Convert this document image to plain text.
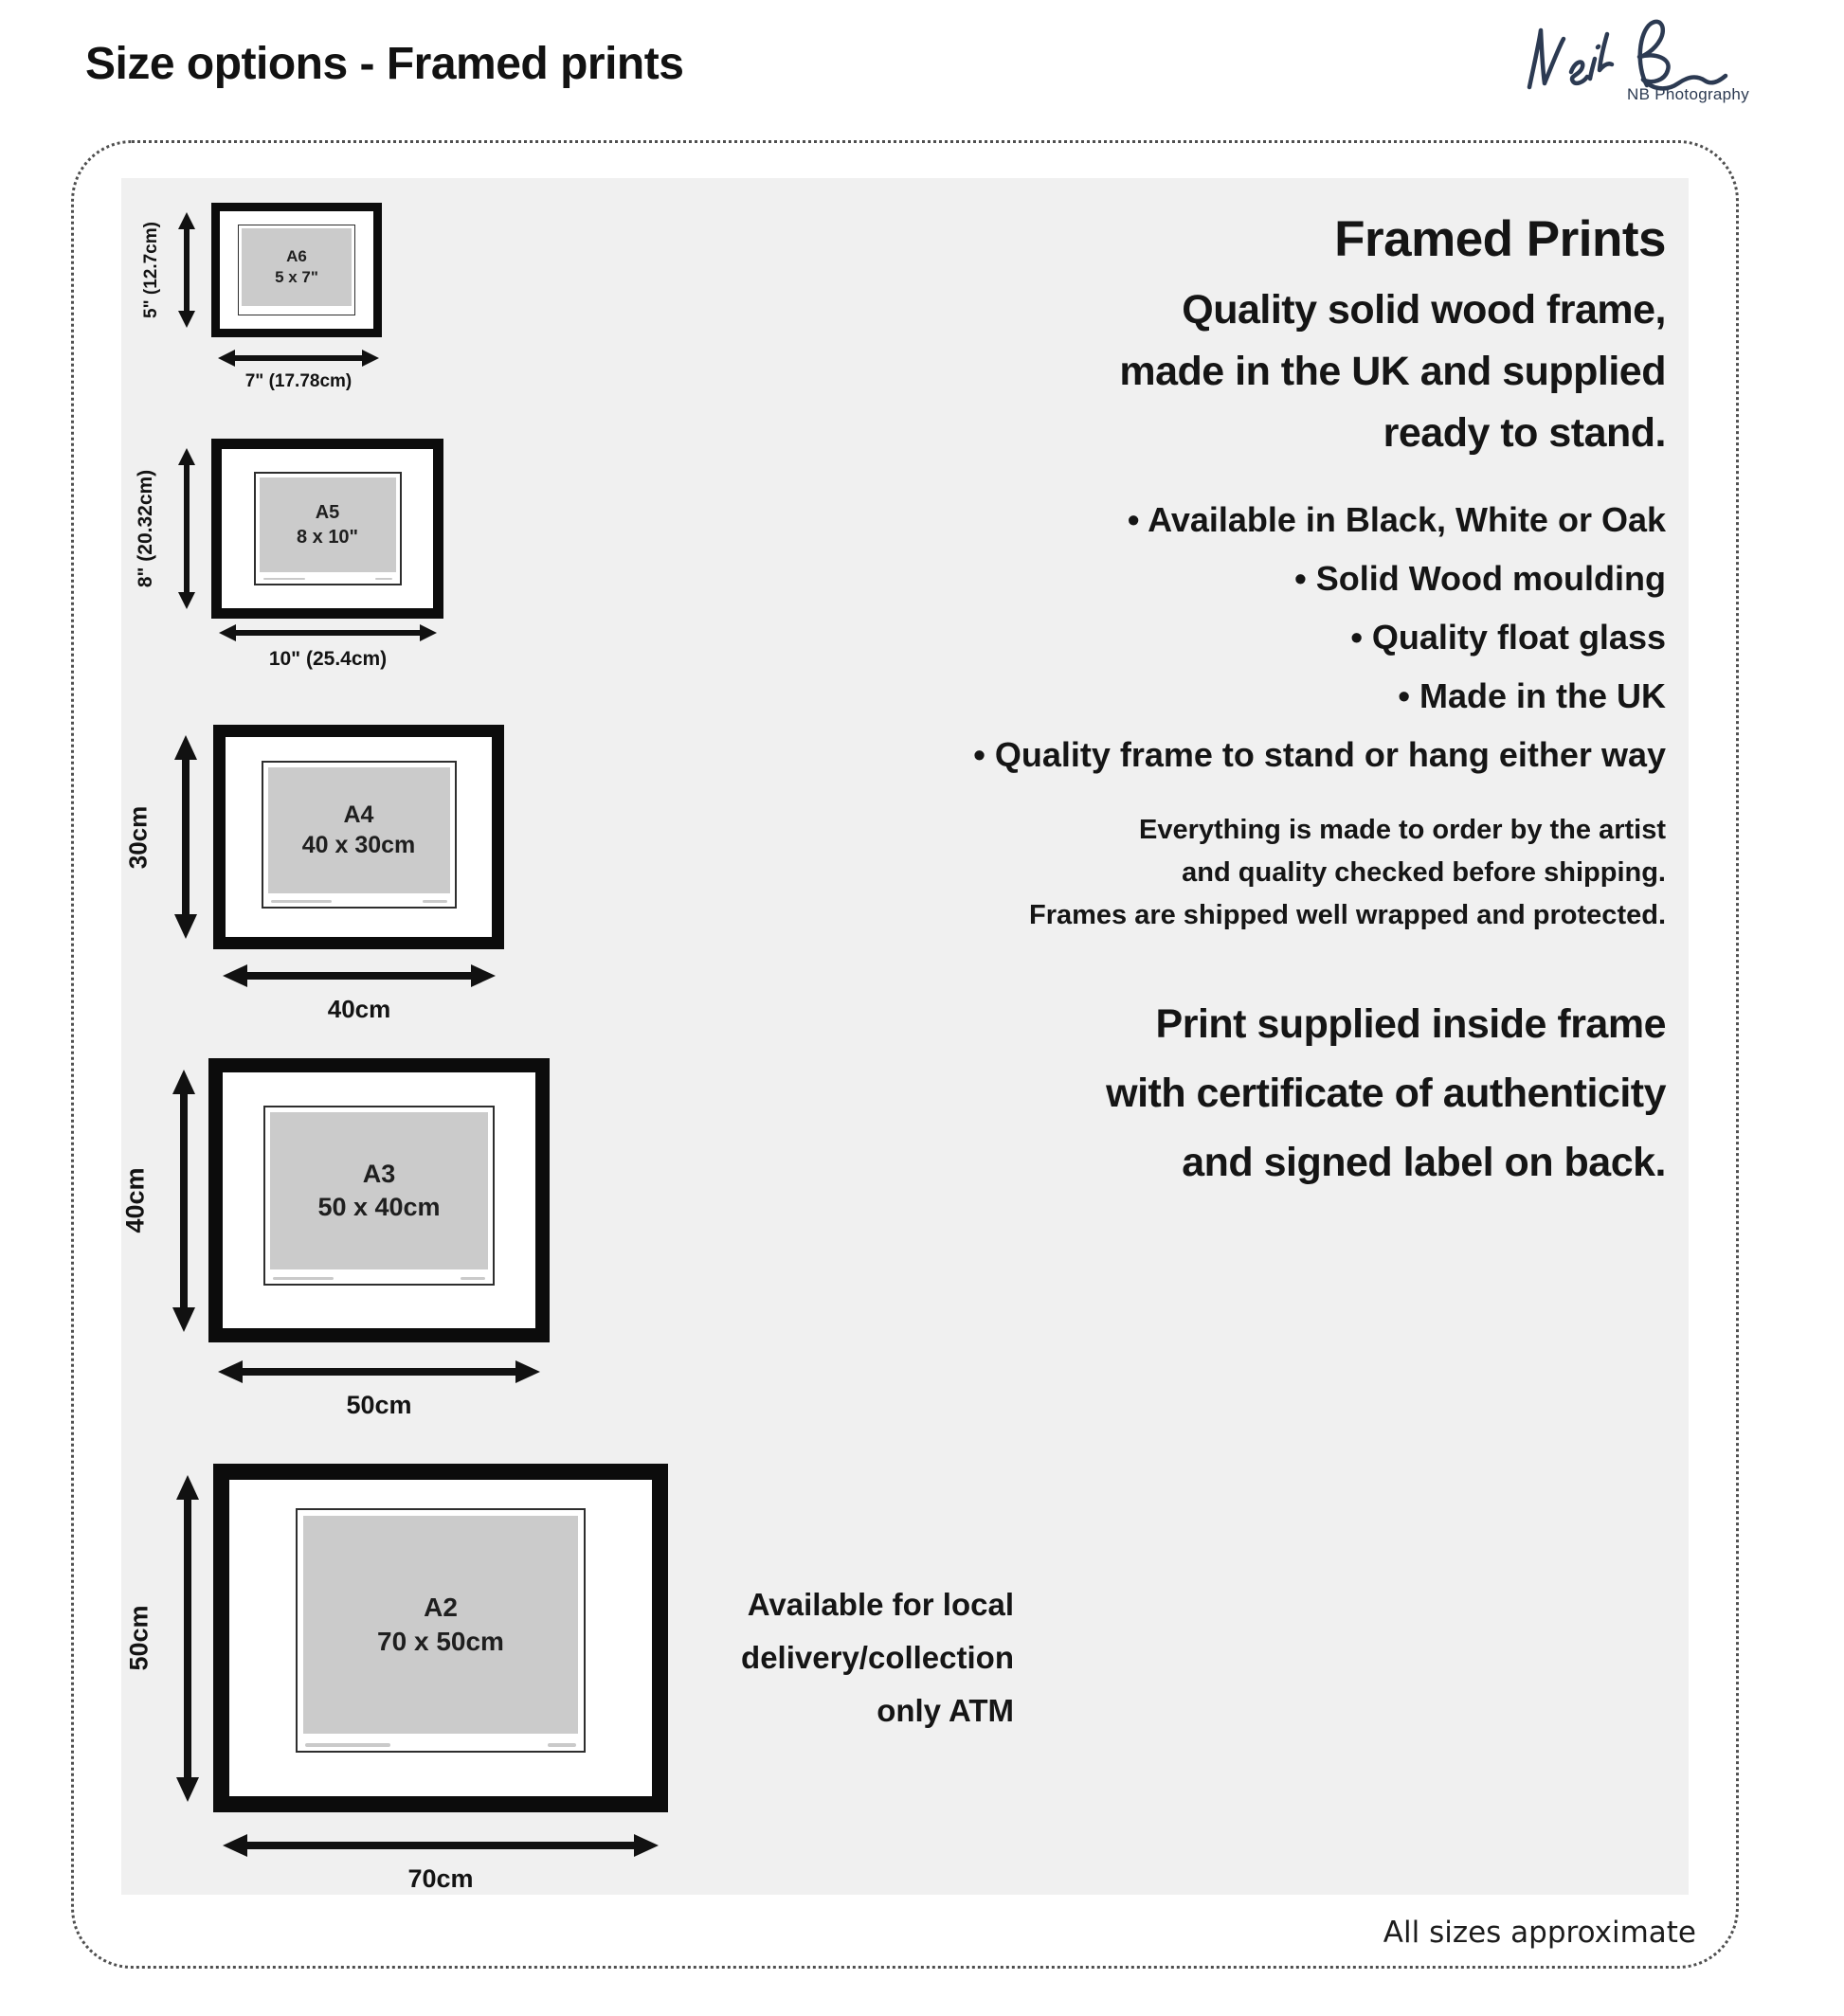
Size options - Framed prints
NB Photography
A6
5 x 7"
5" (12.7cm)
7" (17.78cm)
A5
8 x 10"
8" (20.32cm)
10" (25.4cm)
A4
40 x 30cm
30cm
40cm
A3
50 x 40cm
40cm
50cm
A2
70 x 50cm
50cm
70cm
Framed Prints
Quality solid wood frame,
made in the UK and supplied
ready to stand.
• Available in Black, White or Oak
• Solid Wood moulding
• Quality float glass
• Made in the UK
• Quality frame to stand or hang either way
Everything is made to order by the artist
and quality checked before shipping.
Frames are shipped well wrapped and protected.
Print supplied inside frame
with certificate of authenticity
and signed label on back.
Available for local
delivery/collection
only ATM
All sizes approximate
